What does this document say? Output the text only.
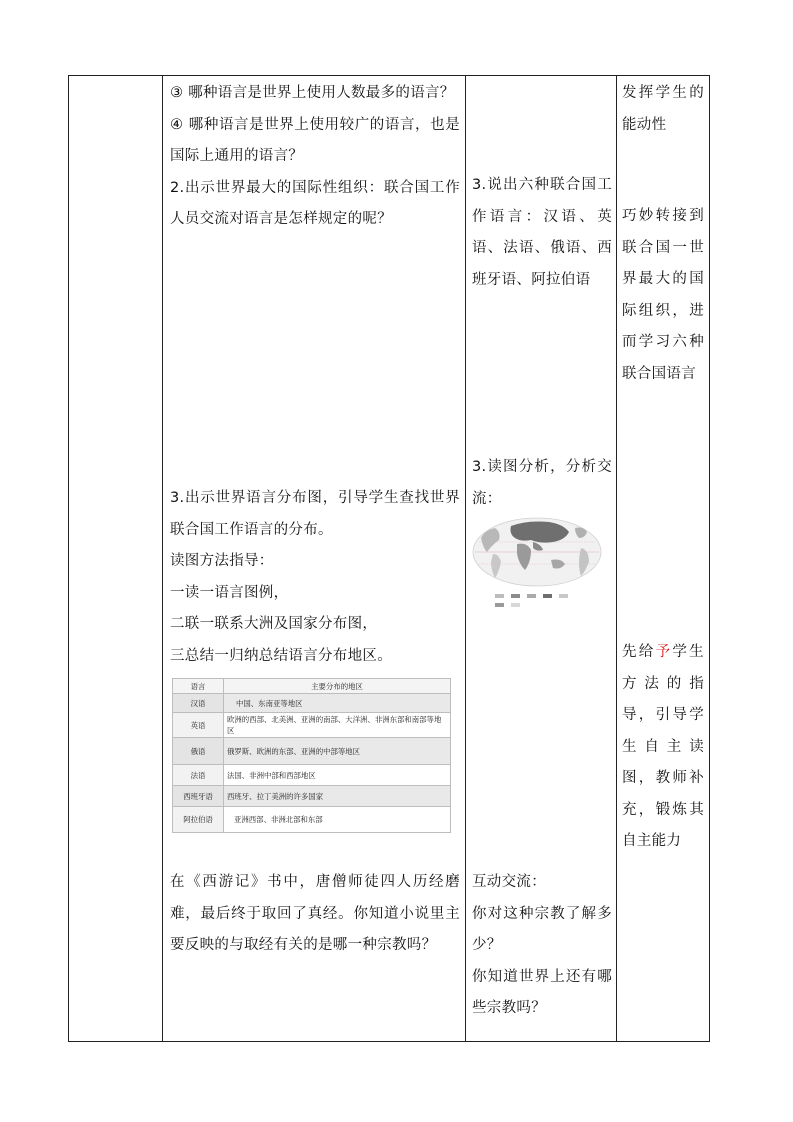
③ 哪种语言是世界上使用人数最多的语言？

④ 哪种语言是世界上使用较广的语言，也是国际上通用的语言？

2.出示世界最大的国际性组织：联合国工作人员交流对语言是怎样规定的呢？

3.出示世界语言分布图，引导学生查找世界联合国工作语言的分布。

读图方法指导：

一读一语言图例，

二联一联系大洲及国家分布图，

三总结一归纳总结语言分布地区。

语言	主要分布的地区
汉语	中国、东南亚等地区
英语	欧洲的西部、北美洲、亚洲的南部、大洋洲、非洲东部和南部等地区
俄语	俄罗斯、欧洲的东部、亚洲的中部等地区
法语	法国、非洲中部和西部地区
西班牙语	西班牙、拉丁美洲的许多国家
阿拉伯语	亚洲西部、非洲北部和东部

在《西游记》书中，唐僧师徒四人历经磨难，最后终于取回了真经。你知道小说里主要反映的与取经有关的是哪一种宗教吗？

3.说出六种联合国工作语言：汉语、英语、法语、俄语、西班牙语、阿拉伯语

3.读图分析，分析交流：

互动交流：

你对这种宗教了解多少？

你知道世界上还有哪些宗教吗？

发挥学生的能动性

巧妙转接到联合国一世界最大的国际组织，进而学习六种联合国语言

先给予学生方法的指导，引导学生自主读图，教师补充，锻炼其自主能力
